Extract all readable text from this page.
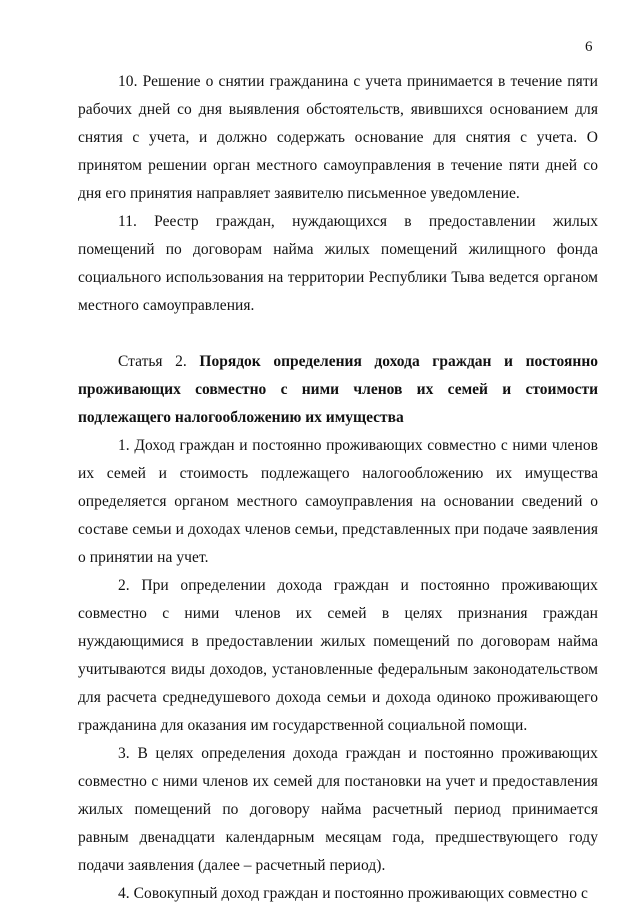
6

10. Решение о снятии гражданина с учета принимается в течение пяти рабочих дней со дня выявления обстоятельств, явившихся основанием для снятия с учета, и должно содержать основание для снятия с учета. О принятом решении орган местного самоуправления в течение пяти дней со дня его принятия направляет заявителю письменное уведомление.

11. Реестр граждан, нуждающихся в предоставлении жилых помещений по договорам найма жилых помещений жилищного фонда социального использования на территории Республики Тыва ведется органом местного самоуправления.

Статья 2. Порядок определения дохода граждан и постоянно проживающих совместно с ними членов их семей и стоимости подлежащего налогообложению их имущества

1. Доход граждан и постоянно проживающих совместно с ними членов их семей и стоимость подлежащего налогообложению их имущества определяется органом местного самоуправления на основании сведений о составе семьи и доходах членов семьи, представленных при подаче заявления о принятии на учет.

2. При определении дохода граждан и постоянно проживающих совместно с ними членов их семей в целях признания граждан нуждающимися в предоставлении жилых помещений по договорам найма учитываются виды доходов, установленные федеральным законодательством для расчета среднедушевого дохода семьи и дохода одиноко проживающего гражданина для оказания им государственной социальной помощи.

3. В целях определения дохода граждан и постоянно проживающих совместно с ними членов их семей для постановки на учет и предоставления жилых помещений по договору найма расчетный период принимается равным двенадцати календарным месяцам года, предшествующего году подачи заявления (далее – расчетный период).

4. Совокупный доход граждан и постоянно проживающих совместно с
